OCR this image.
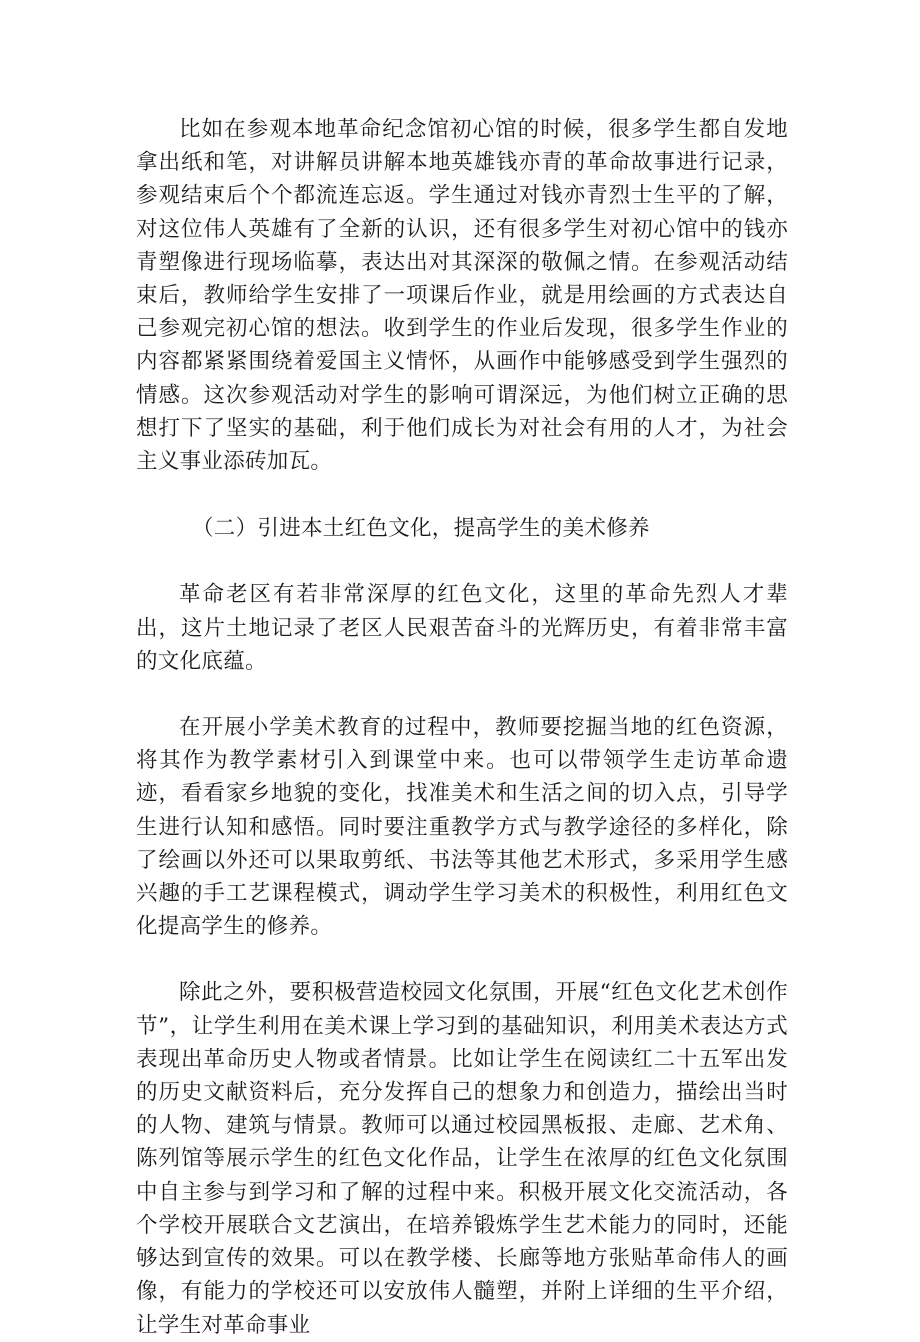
比如在参观本地革命纪念馆初心馆的时候，很多学生都自发地拿出纸和笔，对讲解员讲解本地英雄钱亦青的革命故事进行记录，参观结束后个个都流连忘返。学生通过对钱亦青烈士生平的了解，对这位伟人英雄有了全新的认识，还有很多学生对初心馆中的钱亦青塑像进行现场临摹，表达出对其深深的敬佩之情。在参观活动结束后，教师给学生安排了一项课后作业，就是用绘画的方式表达自己参观完初心馆的想法。收到学生的作业后发现，很多学生作业的内容都紧紧围绕着爱国主义情怀，从画作中能够感受到学生强烈的情感。这次参观活动对学生的影响可谓深远，为他们树立正确的思想打下了坚实的基础，利于他们成长为对社会有用的人才，为社会主义事业添砖加瓦。

（二）引进本土红色文化，提高学生的美术修养

革命老区有若非常深厚的红色文化，这里的革命先烈人才辈出，这片土地记录了老区人民艰苦奋斗的光辉历史，有着非常丰富的文化底蕴。

在开展小学美术教育的过程中，教师要挖掘当地的红色资源，将其作为教学素材引入到课堂中来。也可以带领学生走访革命遗迹，看看家乡地貌的变化，找准美术和生活之间的切入点，引导学生进行认知和感悟。同时要注重教学方式与教学途径的多样化，除了绘画以外还可以果取剪纸、书法等其他艺术形式，多采用学生感兴趣的手工艺课程模式，调动学生学习美术的积极性，利用红色文化提高学生的修养。

除此之外，要积极营造校园文化氛围，开展“红色文化艺术创作节”，让学生利用在美术课上学习到的基础知识，利用美术表达方式表现出革命历史人物或者情景。比如让学生在阅读红二十五军出发的历史文献资料后，充分发挥自己的想象力和创造力，描绘出当时的人物、建筑与情景。教师可以通过校园黑板报、走廊、艺术角、陈列馆等展示学生的红色文化作品，让学生在浓厚的红色文化氛围中自主参与到学习和了解的过程中来。积极开展文化交流活动，各个学校开展联合文艺演出，在培养锻炼学生艺术能力的同时，还能够达到宣传的效果。可以在教学楼、长廊等地方张贴革命伟人的画像，有能力的学校还可以安放伟人髓塑，并附上详细的生平介绍，让学生对革命事业
